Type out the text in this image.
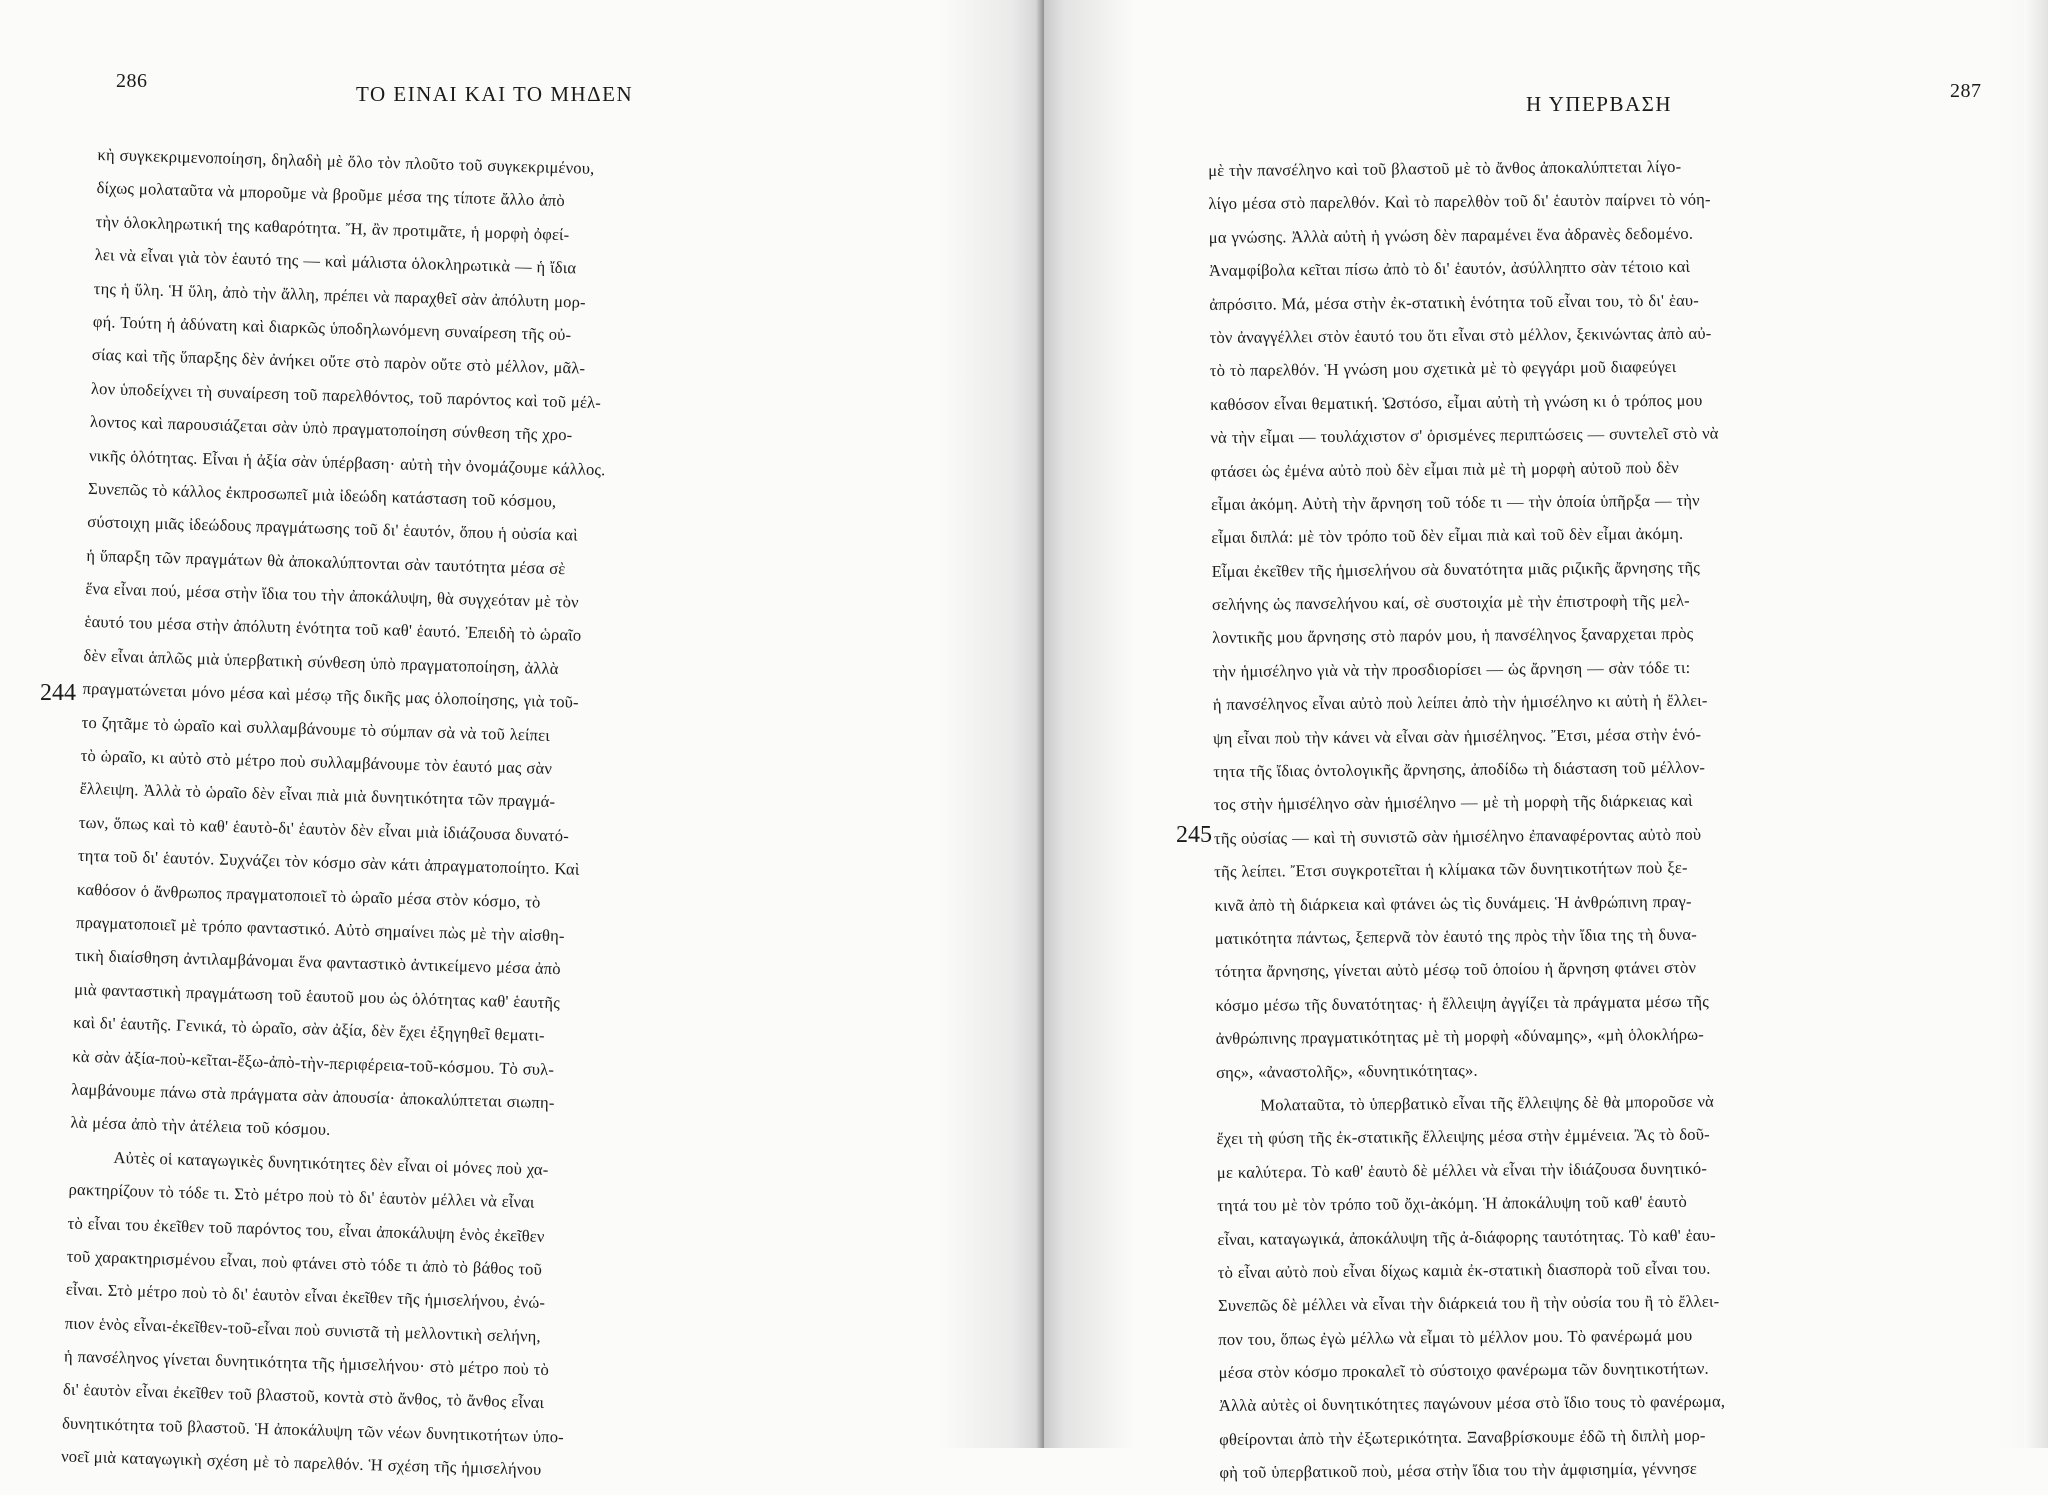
286
ΤΟ ΕΙΝΑΙ ΚΑΙ ΤΟ ΜΗΔΕΝ
244
κὴ συγκεκριμενοποίηση, δηλαδὴ μὲ ὅλο τὸν πλοῦτο τοῦ συγκεκριμένου,
δίχως μολαταῦτα νὰ μποροῦμε νὰ βροῦμε μέσα της τίποτε ἄλλο ἀπὸ
τὴν ὁλοκληρωτική της καθαρότητα. Ἤ, ἂν προτιμᾶτε, ἡ μορφὴ ὀφεί-
λει νὰ εἶναι γιὰ τὸν ἑαυτό της — καὶ μάλιστα ὁλοκληρωτικὰ — ἡ ἴδια
της ἡ ὕλη. Ἡ ὕλη, ἀπὸ τὴν ἄλλη, πρέπει νὰ παραχθεῖ σὰν ἀπόλυτη μορ-
φή. Τούτη ἡ ἀδύνατη καὶ διαρκῶς ὑποδηλωνόμενη συναίρεση τῆς οὐ-
σίας καὶ τῆς ὕπαρξης δὲν ἀνήκει οὔτε στὸ παρὸν οὔτε στὸ μέλλον, μᾶλ-
λον ὑποδείχνει τὴ συναίρεση τοῦ παρελθόντος, τοῦ παρόντος καὶ τοῦ μέλ-
λοντος καὶ παρουσιάζεται σὰν ὑπὸ πραγματοποίηση σύνθεση τῆς χρο-
νικῆς ὁλότητας. Εἶναι ἡ ἀξία σὰν ὑπέρβαση· αὐτὴ τὴν ὀνομάζουμε κάλλος.
Συνεπῶς τὸ κάλλος ἐκπροσωπεῖ μιὰ ἰδεώδη κατάσταση τοῦ κόσμου,
σύστοιχη μιᾶς ἰδεώδους πραγμάτωσης τοῦ δι' ἑαυτόν, ὅπου ἡ οὐσία καὶ
ἡ ὕπαρξη τῶν πραγμάτων θὰ ἀποκαλύπτονται σὰν ταυτότητα μέσα σὲ
ἕνα εἶναι πού, μέσα στὴν ἴδια του τὴν ἀποκάλυψη, θὰ συγχεόταν μὲ τὸν
ἑαυτό του μέσα στὴν ἀπόλυτη ἑνότητα τοῦ καθ' ἑαυτό. Ἐπειδὴ τὸ ὡραῖο
δὲν εἶναι ἁπλῶς μιὰ ὑπερβατικὴ σύνθεση ὑπὸ πραγματοποίηση, ἀλλὰ
πραγματώνεται μόνο μέσα καὶ μέσῳ τῆς δικῆς μας ὁλοποίησης, γιὰ τοῦ-
το ζητᾶμε τὸ ὡραῖο καὶ συλλαμβάνουμε τὸ σύμπαν σὰ νὰ τοῦ λείπει
τὸ ὡραῖο, κι αὐτὸ στὸ μέτρο ποὺ συλλαμβάνουμε τὸν ἑαυτό μας σὰν
ἔλλειψη. Ἀλλὰ τὸ ὡραῖο δὲν εἶναι πιὰ μιὰ δυνητικότητα τῶν πραγμά-
των, ὅπως καὶ τὸ καθ' ἑαυτὸ-δι' ἑαυτὸν δὲν εἶναι μιὰ ἰδιάζουσα δυνατό-
τητα τοῦ δι' ἑαυτόν. Συχνάζει τὸν κόσμο σὰν κάτι ἀπραγματοποίητο. Καὶ
καθόσον ὁ ἄνθρωπος πραγματοποιεῖ τὸ ὡραῖο μέσα στὸν κόσμο, τὸ
πραγματοποιεῖ μὲ τρόπο φανταστικό. Αὐτὸ σημαίνει πὼς μὲ τὴν αἰσθη-
τικὴ διαίσθηση ἀντιλαμβάνομαι ἕνα φανταστικὸ ἀντικείμενο μέσα ἀπὸ
μιὰ φανταστικὴ πραγμάτωση τοῦ ἑαυτοῦ μου ὡς ὁλότητας καθ' ἑαυτῆς
καὶ δι' ἑαυτῆς. Γενικά, τὸ ὡραῖο, σὰν ἀξία, δὲν ἔχει ἐξηγηθεῖ θεματι-
κὰ σὰν ἀξία-ποὺ-κεῖται-ἔξω-ἀπὸ-τὴν-περιφέρεια-τοῦ-κόσμου. Τὸ συλ-
λαμβάνουμε πάνω στὰ πράγματα σὰν ἀπουσία· ἀποκαλύπτεται σιωπη-
λὰ μέσα ἀπὸ τὴν ἀτέλεια τοῦ κόσμου.
Αὐτὲς οἱ καταγωγικὲς δυνητικότητες δὲν εἶναι οἱ μόνες ποὺ χα-
ρακτηρίζουν τὸ τόδε τι. Στὸ μέτρο ποὺ τὸ δι' ἑαυτὸν μέλλει νὰ εἶναι
τὸ εἶναι του ἐκεῖθεν τοῦ παρόντος του, εἶναι ἀποκάλυψη ἑνὸς ἐκεῖθεν
τοῦ χαρακτηρισμένου εἶναι, ποὺ φτάνει στὸ τόδε τι ἀπὸ τὸ βάθος τοῦ
εἶναι. Στὸ μέτρο ποὺ τὸ δι' ἑαυτὸν εἶναι ἐκεῖθεν τῆς ἡμισελήνου, ἐνώ-
πιον ἑνὸς εἶναι-ἐκεῖθεν-τοῦ-εἶναι ποὺ συνιστᾶ τὴ μελλοντικὴ σελήνη,
ἡ πανσέληνος γίνεται δυνητικότητα τῆς ἡμισελήνου· στὸ μέτρο ποὺ τὸ
δι' ἑαυτὸν εἶναι ἐκεῖθεν τοῦ βλαστοῦ, κοντὰ στὸ ἄνθος, τὸ ἄνθος εἶναι
δυνητικότητα τοῦ βλαστοῦ. Ἡ ἀποκάλυψη τῶν νέων δυνητικοτήτων ὑπο-
νοεῖ μιὰ καταγωγικὴ σχέση μὲ τὸ παρελθόν. Ἡ σχέση τῆς ἡμισελήνου
287
Η ΥΠΕΡΒΑΣΗ
245
μὲ τὴν πανσέληνο καὶ τοῦ βλαστοῦ μὲ τὸ ἄνθος ἀποκαλύπτεται λίγο-
λίγο μέσα στὸ παρελθόν. Καὶ τὸ παρελθὸν τοῦ δι' ἑαυτὸν παίρνει τὸ νόη-
μα γνώσης. Ἀλλὰ αὐτὴ ἡ γνώση δὲν παραμένει ἕνα ἀδρανὲς δεδομένο.
Ἀναμφίβολα κεῖται πίσω ἀπὸ τὸ δι' ἑαυτόν, ἀσύλληπτο σὰν τέτοιο καὶ
ἀπρόσιτο. Μά, μέσα στὴν ἐκ-στατικὴ ἑνότητα τοῦ εἶναι του, τὸ δι' ἑαυ-
τὸν ἀναγγέλλει στὸν ἑαυτό του ὅτι εἶναι στὸ μέλλον, ξεκινώντας ἀπὸ αὐ-
τὸ τὸ παρελθόν. Ἡ γνώση μου σχετικὰ μὲ τὸ φεγγάρι μοῦ διαφεύγει
καθόσον εἶναι θεματική. Ὡστόσο, εἶμαι αὐτὴ τὴ γνώση κι ὁ τρόπος μου
νὰ τὴν εἶμαι — τουλάχιστον σ' ὁρισμένες περιπτώσεις — συντελεῖ στὸ νὰ
φτάσει ὡς ἐμένα αὐτὸ ποὺ δὲν εἶμαι πιὰ μὲ τὴ μορφὴ αὐτοῦ ποὺ δὲν
εἶμαι ἀκόμη. Αὐτὴ τὴν ἄρνηση τοῦ τόδε τι — τὴν ὁποία ὑπῆρξα — τὴν
εἶμαι διπλά: μὲ τὸν τρόπο τοῦ δὲν εἶμαι πιὰ καὶ τοῦ δὲν εἶμαι ἀκόμη.
Εἶμαι ἐκεῖθεν τῆς ἡμισελήνου σὰ δυνατότητα μιᾶς ριζικῆς ἄρνησης τῆς
σελήνης ὡς πανσελήνου καί, σὲ συστοιχία μὲ τὴν ἐπιστροφὴ τῆς μελ-
λοντικῆς μου ἄρνησης στὸ παρόν μου, ἡ πανσέληνος ξαναρχεται πρὸς
τὴν ἡμισέληνο γιὰ νὰ τὴν προσδιορίσει — ὡς ἄρνηση — σὰν τόδε τι:
ἡ πανσέληνος εἶναι αὐτὸ ποὺ λείπει ἀπὸ τὴν ἡμισέληνο κι αὐτὴ ἡ ἔλλει-
ψη εἶναι ποὺ τὴν κάνει νὰ εἶναι σὰν ἡμισέληνος. Ἔτσι, μέσα στὴν ἑνό-
τητα τῆς ἴδιας ὀντολογικῆς ἄρνησης, ἀποδίδω τὴ διάσταση τοῦ μέλλον-
τος στὴν ἡμισέληνο σὰν ἡμισέληνο — μὲ τὴ μορφὴ τῆς διάρκειας καὶ
τῆς οὐσίας — καὶ τὴ συνιστῶ σὰν ἡμισέληνο ἐπαναφέροντας αὐτὸ ποὺ
τῆς λείπει. Ἔτσι συγκροτεῖται ἡ κλίμακα τῶν δυνητικοτήτων ποὺ ξε-
κινᾶ ἀπὸ τὴ διάρκεια καὶ φτάνει ὡς τὶς δυνάμεις. Ἡ ἀνθρώπινη πραγ-
ματικότητα πάντως, ξεπερνᾶ τὸν ἑαυτό της πρὸς τὴν ἴδια της τὴ δυνα-
τότητα ἄρνησης, γίνεται αὐτὸ μέσῳ τοῦ ὁποίου ἡ ἄρνηση φτάνει στὸν
κόσμο μέσω τῆς δυνατότητας· ἡ ἔλλειψη ἀγγίζει τὰ πράγματα μέσω τῆς
ἀνθρώπινης πραγματικότητας μὲ τὴ μορφὴ «δύναμης», «μὴ ὁλοκλήρω-
σης», «ἀναστολῆς», «δυνητικότητας».
Μολαταῦτα, τὸ ὑπερβατικὸ εἶναι τῆς ἔλλειψης δὲ θὰ μποροῦσε νὰ
ἔχει τὴ φύση τῆς ἐκ-στατικῆς ἔλλειψης μέσα στὴν ἐμμένεια. Ἂς τὸ δοῦ-
με καλύτερα. Τὸ καθ' ἑαυτὸ δὲ μέλλει νὰ εἶναι τὴν ἰδιάζουσα δυνητικό-
τητά του μὲ τὸν τρόπο τοῦ ὄχι-ἀκόμη. Ἡ ἀποκάλυψη τοῦ καθ' ἑαυτὸ
εἶναι, καταγωγικά, ἀποκάλυψη τῆς ἀ-διάφορης ταυτότητας. Τὸ καθ' ἑαυ-
τὸ εἶναι αὐτὸ ποὺ εἶναι δίχως καμιὰ ἐκ-στατικὴ διασπορὰ τοῦ εἶναι του.
Συνεπῶς δὲ μέλλει νὰ εἶναι τὴν διάρκειά του ἢ τὴν οὐσία του ἢ τὸ ἔλλει-
πον του, ὅπως ἐγὼ μέλλω νὰ εἶμαι τὸ μέλλον μου. Τὸ φανέρωμά μου
μέσα στὸν κόσμο προκαλεῖ τὸ σύστοιχο φανέρωμα τῶν δυνητικοτήτων.
Ἀλλὰ αὐτὲς οἱ δυνητικότητες παγώνουν μέσα στὸ ἴδιο τους τὸ φανέρωμα,
φθείρονται ἀπὸ τὴν ἐξωτερικότητα. Ξαναβρίσκουμε ἐδῶ τὴ διπλὴ μορ-
φὴ τοῦ ὑπερβατικοῦ ποὺ, μέσα στὴν ἴδια του τὴν ἀμφισημία, γέννησε
